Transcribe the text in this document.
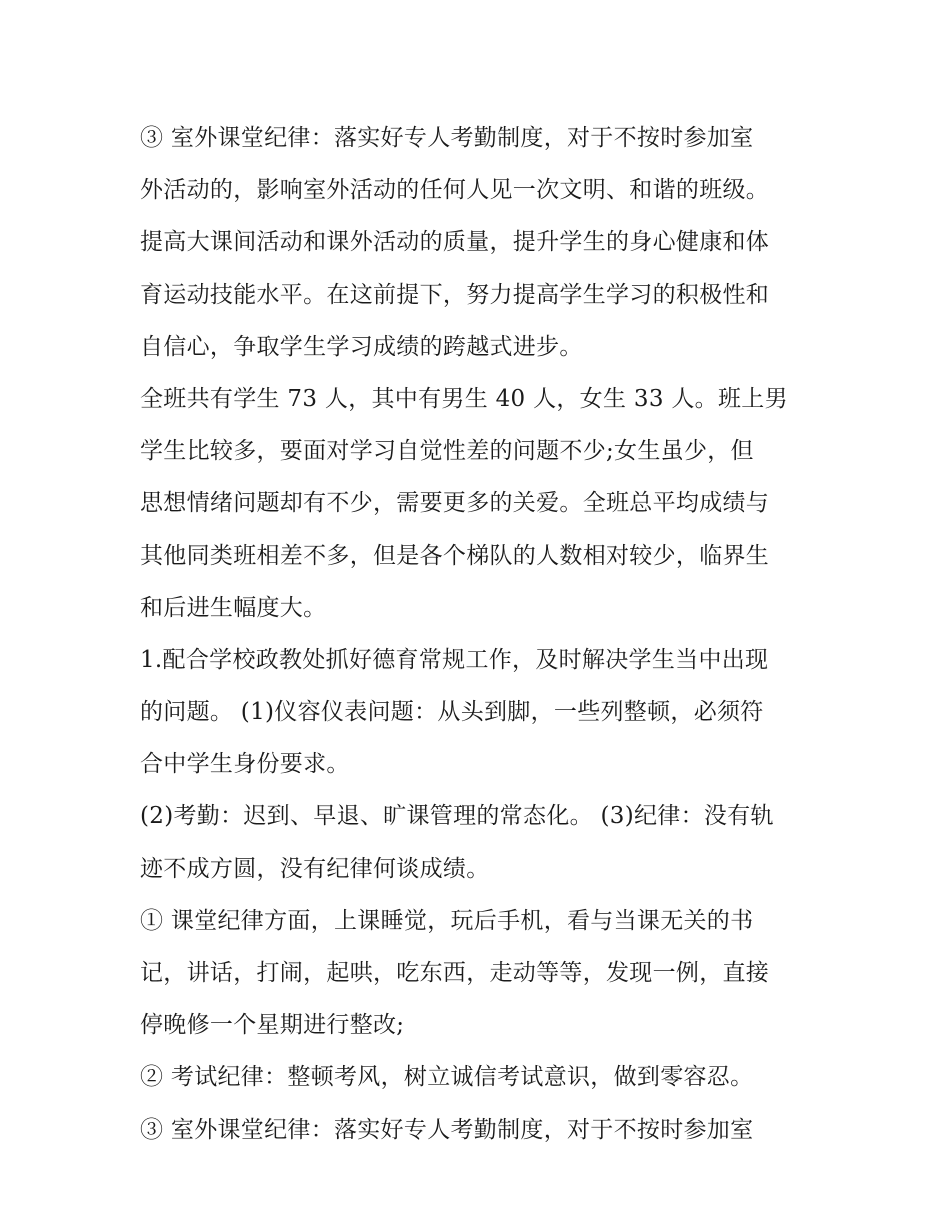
③ 室外课堂纪律：落实好专人考勤制度，对于不按时参加室
外活动的，影响室外活动的任何人见一次文明、和谐的班级。
提高大课间活动和课外活动的质量，提升学生的身心健康和体
育运动技能水平。在这前提下，努力提高学生学习的积极性和
自信心，争取学生学习成绩的跨越式进步。
全班共有学生 73 人，其中有男生 40 人，女生 33 人。班上男
学生比较多，要面对学习自觉性差的问题不少;女生虽少，但
思想情绪问题却有不少，需要更多的关爱。全班总平均成绩与
其他同类班相差不多，但是各个梯队的人数相对较少，临界生
和后进生幅度大。
1.配合学校政教处抓好德育常规工作，及时解决学生当中出现
的问题。 (1)仪容仪表问题：从头到脚，一些列整顿，必须符
合中学生身份要求。
(2)考勤：迟到、早退、旷课管理的常态化。 (3)纪律：没有轨
迹不成方圆，没有纪律何谈成绩。
① 课堂纪律方面，上课睡觉，玩后手机，看与当课无关的书
记，讲话，打闹，起哄，吃东西，走动等等，发现一例，直接
停晚修一个星期进行整改;
② 考试纪律：整顿考风，树立诚信考试意识，做到零容忍。
③ 室外课堂纪律：落实好专人考勤制度，对于不按时参加室
